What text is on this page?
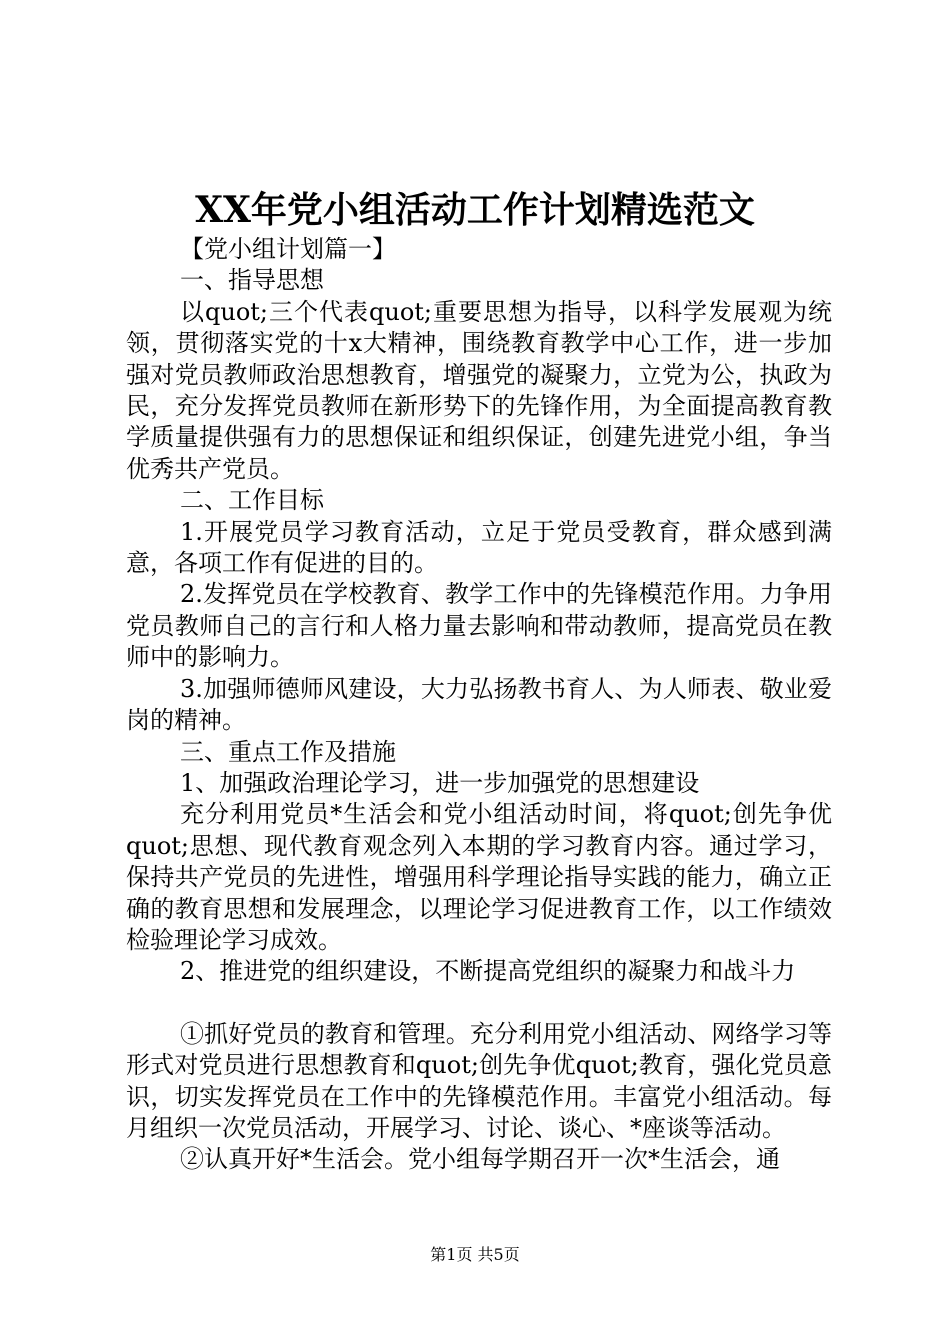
XX年党小组活动工作计划精选范文

【党小组计划篇一】

一、指导思想

以quot;三个代表quot;重要思想为指导，以科学发展观为统领，贯彻落实党的十x大精神，围绕教育教学中心工作，进一步加强对党员教师政治思想教育，增强党的凝聚力，立党为公，执政为民，充分发挥党员教师在新形势下的先锋作用，为全面提高教育教学质量提供强有力的思想保证和组织保证，创建先进党小组，争当优秀共产党员。

二、工作目标

1.开展党员学习教育活动，立足于党员受教育，群众感到满意，各项工作有促进的目的。

2.发挥党员在学校教育、教学工作中的先锋模范作用。力争用党员教师自己的言行和人格力量去影响和带动教师，提高党员在教师中的影响力。

3.加强师德师风建设，大力弘扬教书育人、为人师表、敬业爱岗的精神。

三、重点工作及措施

1、加强政治理论学习，进一步加强党的思想建设

充分利用党员*生活会和党小组活动时间，将quot;创先争优quot;思想、现代教育观念列入本期的学习教育内容。通过学习，保持共产党员的先进性，增强用科学理论指导实践的能力，确立正确的教育思想和发展理念，以理论学习促进教育工作，以工作绩效检验理论学习成效。

2、推进党的组织建设，不断提高党组织的凝聚力和战斗力

①抓好党员的教育和管理。充分利用党小组活动、网络学习等形式对党员进行思想教育和quot;创先争优quot;教育，强化党员意识，切实发挥党员在工作中的先锋模范作用。丰富党小组活动。每月组织一次党员活动，开展学习、讨论、谈心、*座谈等活动。

②认真开好*生活会。党小组每学期召开一次*生活会，通

第1页 共5页
